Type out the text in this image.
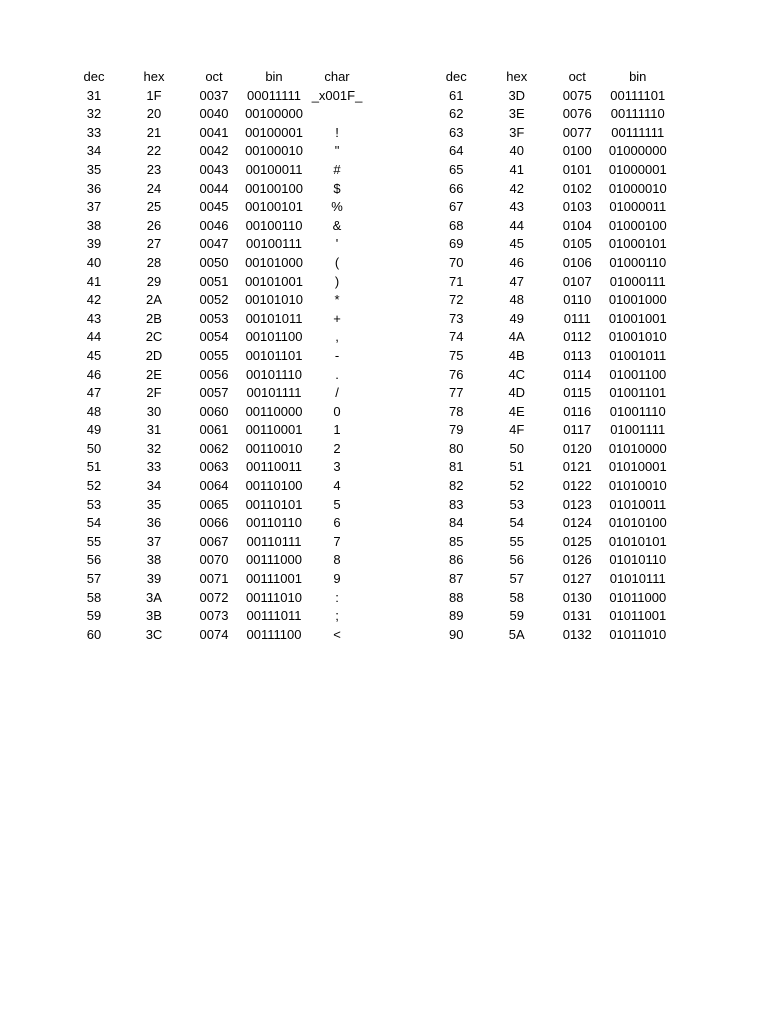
dec	hex	oct	bin	char
31	1F	0037	00011111	_x001F_
32	20	0040	00100000	
33	21	0041	00100001	!
34	22	0042	00100010	"
35	23	0043	00100011	#
36	24	0044	00100100	$
37	25	0045	00100101	%
38	26	0046	00100110	&
39	27	0047	00100111	'
40	28	0050	00101000	(
41	29	0051	00101001	)
42	2A	0052	00101010	*
43	2B	0053	00101011	+
44	2C	0054	00101100	,
45	2D	0055	00101101	-
46	2E	0056	00101110	.
47	2F	0057	00101111	/
48	30	0060	00110000	0
49	31	0061	00110001	1
50	32	0062	00110010	2
51	33	0063	00110011	3
52	34	0064	00110100	4
53	35	0065	00110101	5
54	36	0066	00110110	6
55	37	0067	00110111	7
56	38	0070	00111000	8
57	39	0071	00111001	9
58	3A	0072	00111010	:
59	3B	0073	00111011	;
60	3C	0074	00111100	<
dec	hex	oct	bin
61	3D	0075	00111101
62	3E	0076	00111110
63	3F	0077	00111111
64	40	0100	01000000
65	41	0101	01000001
66	42	0102	01000010
67	43	0103	01000011
68	44	0104	01000100
69	45	0105	01000101
70	46	0106	01000110
71	47	0107	01000111
72	48	0110	01001000
73	49	0111	01001001
74	4A	0112	01001010
75	4B	0113	01001011
76	4C	0114	01001100
77	4D	0115	01001101
78	4E	0116	01001110
79	4F	0117	01001111
80	50	0120	01010000
81	51	0121	01010001
82	52	0122	01010010
83	53	0123	01010011
84	54	0124	01010100
85	55	0125	01010101
86	56	0126	01010110
87	57	0127	01010111
88	58	0130	01011000
89	59	0131	01011001
90	5A	0132	01011010
